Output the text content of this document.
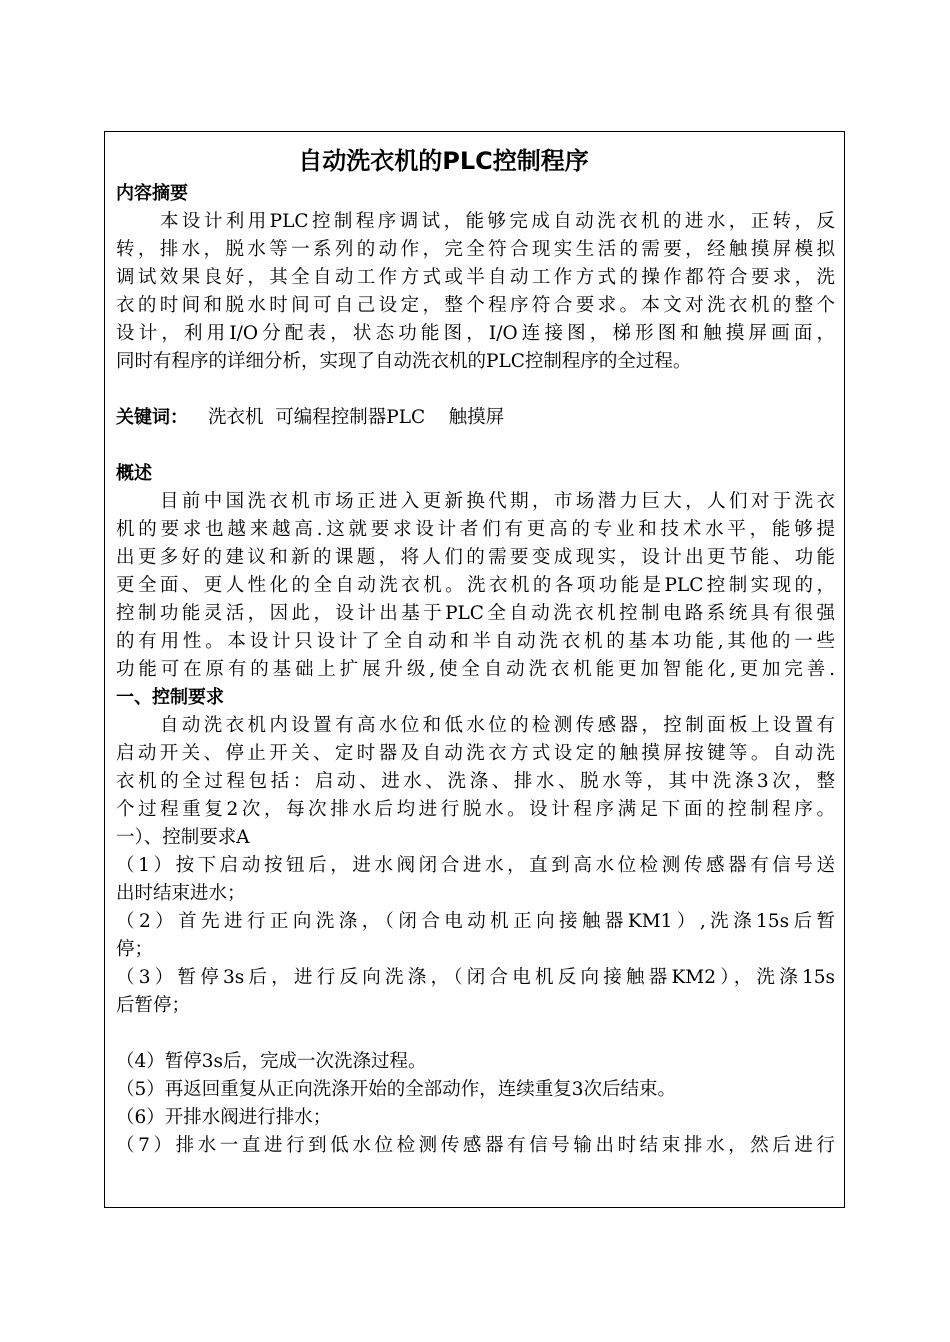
自动洗衣机的PLC控制程序
内容摘要
本设计利用PLC控制程序调试，能够完成自动洗衣机的进水，正转，反
转，排水，脱水等一系列的动作，完全符合现实生活的需要，经触摸屏模拟
调试效果良好，其全自动工作方式或半自动工作方式的操作都符合要求，洗
衣的时间和脱水时间可自己设定，整个程序符合要求。本文对洗衣机的整个
设计，利用I/O分配表，状态功能图，I/O连接图，梯形图和触摸屏画面，
同时有程序的详细分析，实现了自动洗衣机的PLC控制程序的全过程。
关键词： 洗衣机  可编程控制器PLC    触摸屏
概述
目前中国洗衣机市场正进入更新换代期，市场潜力巨大，人们对于洗衣
机的要求也越来越高.这就要求设计者们有更高的专业和技术水平，能够提
出更多好的建议和新的课题，将人们的需要变成现实，设计出更节能、功能
更全面、更人性化的全自动洗衣机。洗衣机的各项功能是PLC控制实现的，
控制功能灵活，因此，设计出基于PLC全自动洗衣机控制电路系统具有很强
的有用性。本设计只设计了全自动和半自动洗衣机的基本功能,其他的一些
功能可在原有的基础上扩展升级,使全自动洗衣机能更加智能化,更加完善.
一、控制要求
自动洗衣机内设置有高水位和低水位的检测传感器，控制面板上设置有
启动开关、停止开关、定时器及自动洗衣方式设定的触摸屏按键等。自动洗
衣机的全过程包括：启动、进水、洗涤、排水、脱水等，其中洗涤3次，整
个过程重复2次，每次排水后均进行脱水。设计程序满足下面的控制程序。
一）、控制要求A
（1）按下启动按钮后，进水阀闭合进水，直到高水位检测传感器有信号送
出时结束进水；
（2）首先进行正向洗涤，（闭合电动机正向接触器KM1）,洗涤15s后暂
停；
（3）暂停3s后，进行反向洗涤，（闭合电机反向接触器KM2），洗涤15s
后暂停；
（4）暂停3s后，完成一次洗涤过程。
（5）再返回重复从正向洗涤开始的全部动作，连续重复3次后结束。
（6）开排水阀进行排水；
（7）排水一直进行到低水位检测传感器有信号输出时结束排水，然后进行
